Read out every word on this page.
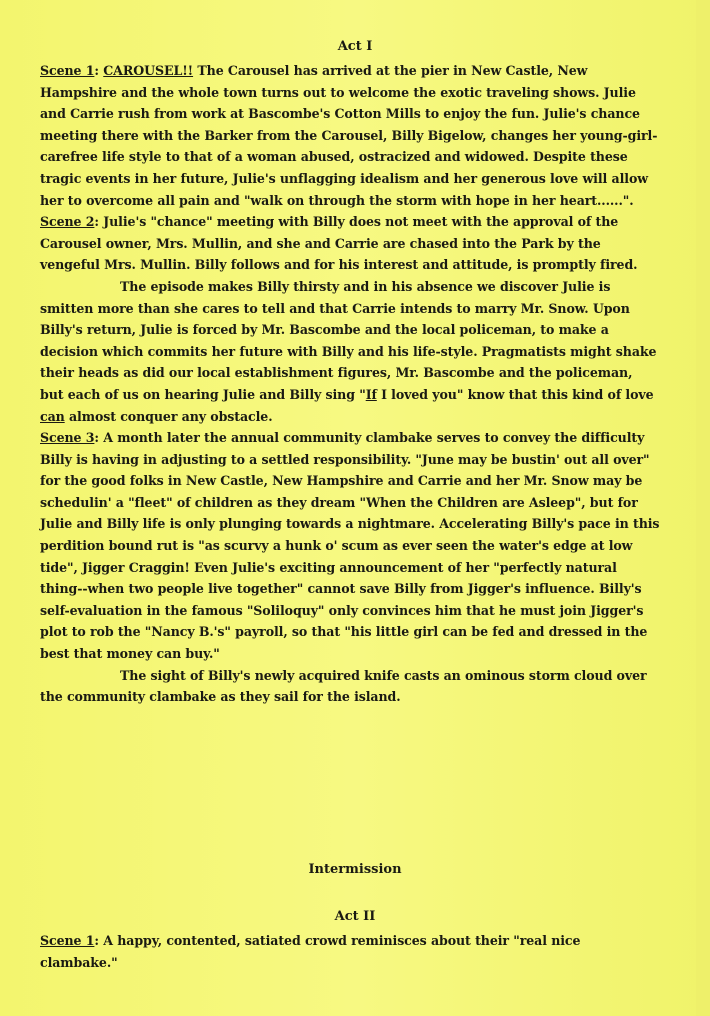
Act I

Scene 1: CAROUSEL!! The Carousel has arrived at the pier in New Castle, New Hampshire and the whole town turns out to welcome the exotic traveling shows. Julie and Carrie rush from work at Bascombe's Cotton Mills to enjoy the fun. Julie's chance meeting there with the Barker from the Carousel, Billy Bigelow, changes her young-girl-carefree life style to that of a woman abused, ostracized and widowed. Despite these tragic events in her future, Julie's unflagging idealism and her generous love will allow her to overcome all pain and "walk on through the storm with hope in her heart......".

Scene 2: Julie's "chance" meeting with Billy does not meet with the approval of the Carousel owner, Mrs. Mullin, and she and Carrie are chased into the Park by the vengeful Mrs. Mullin. Billy follows and for his interest and attitude, is promptly fired.

The episode makes Billy thirsty and in his absence we discover Julie is smitten more than she cares to tell and that Carrie intends to marry Mr. Snow. Upon Billy's return, Julie is forced by Mr. Bascombe and the local policeman, to make a decision which commits her future with Billy and his life-style. Pragmatists might shake their heads as did our local establishment figures, Mr. Bascombe and the policeman, but each of us on hearing Julie and Billy sing "If I loved you" know that this kind of love can almost conquer any obstacle.

Scene 3: A month later the annual community clambake serves to convey the difficulty Billy is having in adjusting to a settled responsibility. "June may be bustin' out all over" for the good folks in New Castle, New Hampshire and Carrie and her Mr. Snow may be schedulin' a "fleet" of children as they dream "When the Children are Asleep", but for Julie and Billy life is only plunging towards a nightmare. Accelerating Billy's pace in this perdition bound rut is "as scurvy a hunk o' scum as ever seen the water's edge at low tide", Jigger Craggin! Even Julie's exciting announcement of her "perfectly natural thing--when two people live together" cannot save Billy from Jigger's influence. Billy's self-evaluation in the famous "Soliloquy" only convinces him that he must join Jigger's plot to rob the "Nancy B.'s" payroll, so that "his little girl can be fed and dressed in the best that money can buy."

The sight of Billy's newly acquired knife casts an ominous storm cloud over the community clambake as they sail for the island.

Intermission
Act II

Scene 1: A happy, contented, satiated crowd reminisces about their "real nice clambake."
